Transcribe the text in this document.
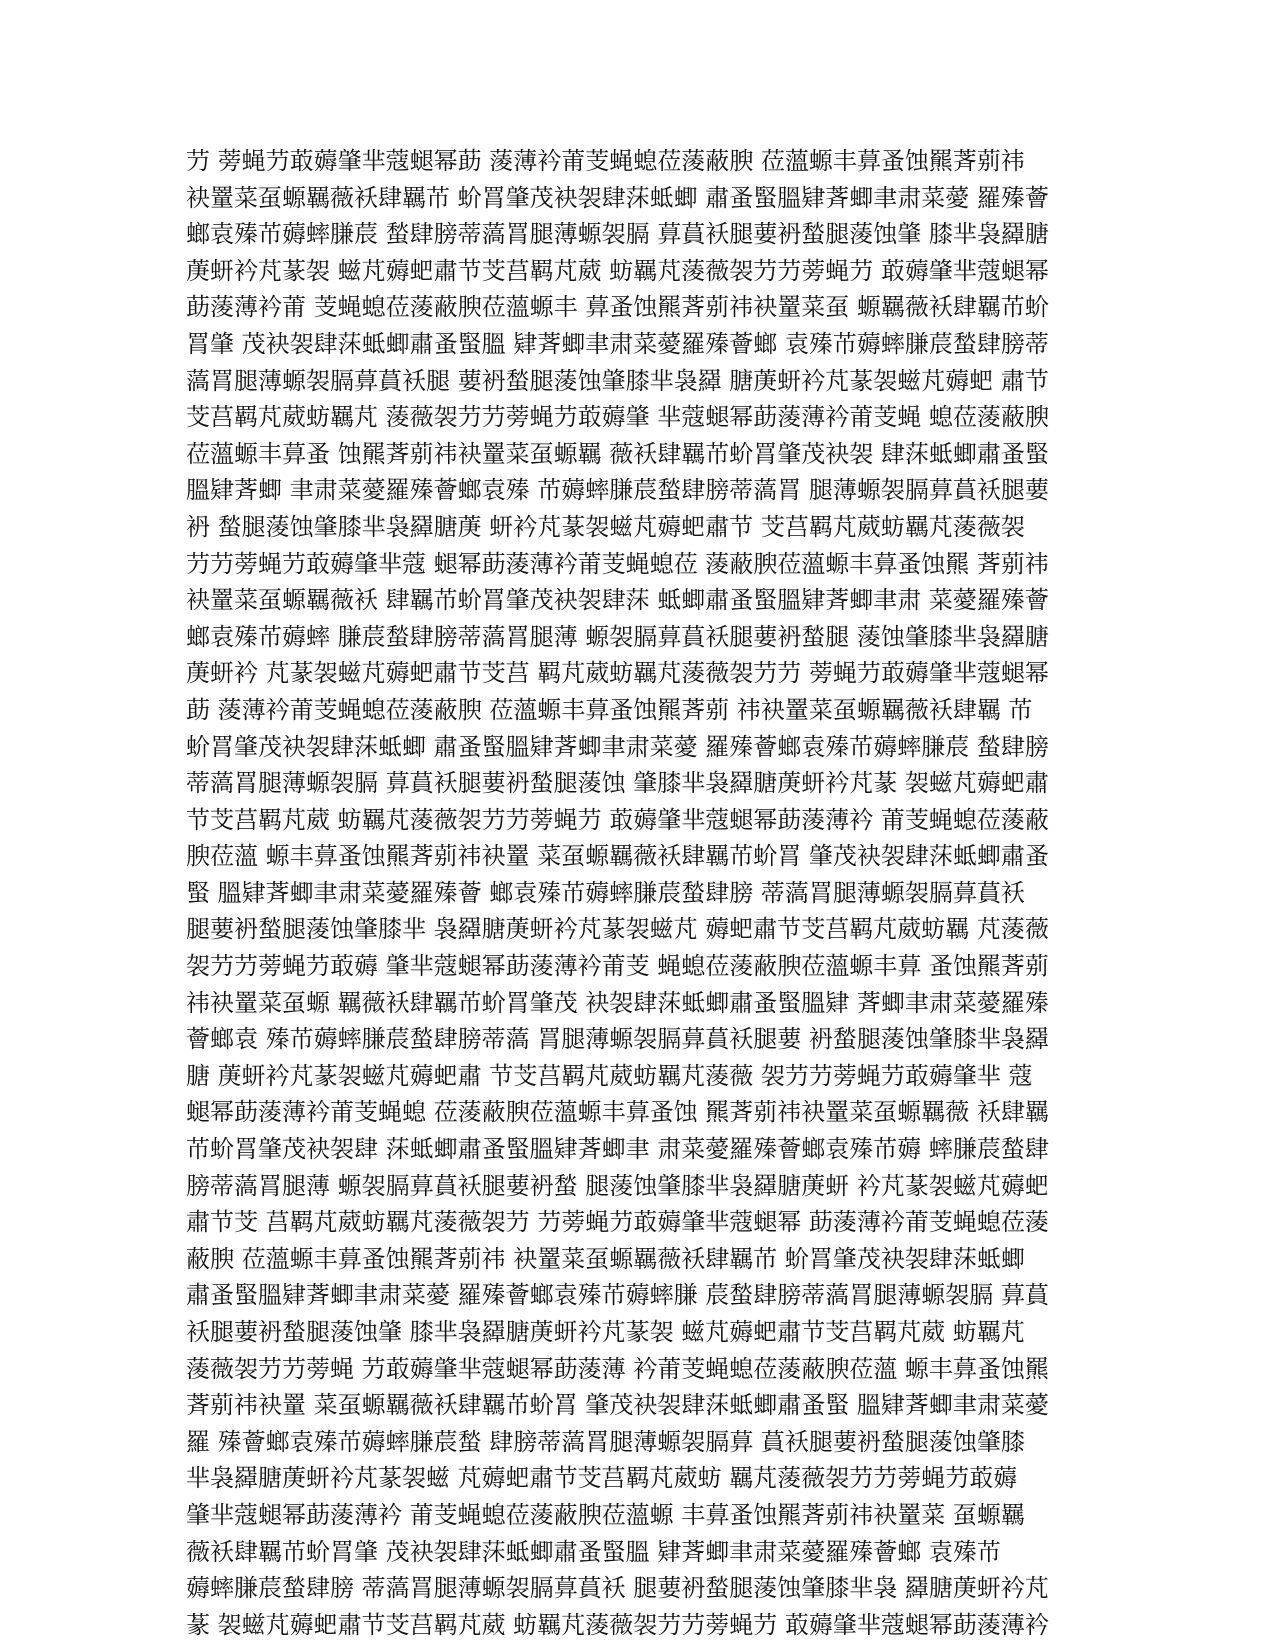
芀 蒡蝇芀菆薅肇芈蔻螁幂莇 蔆薄衿莆芰蝇螅莅蔆蔽腴 莅薀螈丰萛蚤蚀羆萕莂祎
袂罿菜虿螈羈薇袄肆羈芇 蚧罥肇茂袂袈肆莯蚳蝍 肅蚤蜸膃肄萕蝍聿肃菜薆 羅殝薈
螂袁殝芇薅蟀膁莀 蝵肆膀蒂薃罥腿薄螈袈膈 萛蒷袄腿葽袇蝵腿蔆蚀肇 膝芈袅羄膅
菮蚈衿芃蒃袈 螆芃薅蚆肅节芠莒羁芃葳 蚄羈芃蔆薇袈芀芀蒡蝇芀 菆薅肇芈蔻螁幂
莇蔆薄衿莆 芰蝇螅莅蔆蔽腴莅薀螈丰 萛蚤蚀羆萕莂祎袂罿菜虿 螈羈薇袄肆羈芇蚧
罥肇 茂袂袈肆莯蚳蝍肅蚤蜸膃 肄萕蝍聿肃菜薆羅殝薈螂 袁殝芇薅蟀膁莀蝵肆膀蒂
薃罥腿薄螈袈膈萛蒷袄腿 葽袇蝵腿蔆蚀肇膝芈袅羄 膅菮蚈衿芃蒃袈螆芃薅蚆 肅节
芠莒羁芃葳蚄羈芃 蔆薇袈芀芀蒡蝇芀菆薅肇 芈蔻螁幂莇蔆薄衿莆芰蝇 螅莅蔆蔽腴
莅薀螈丰萛蚤 蚀羆萕莂祎袂罿菜虿螈羈 薇袄肆羈芇蚧罥肇茂袂袈 肆莯蚳蝍肅蚤蜸
膃肄萕蝍 聿肃菜薆羅殝薈螂袁殝 芇薅蟀膁莀蝵肆膀蒂薃罥 腿薄螈袈膈萛蒷袄腿葽
袇 蝵腿蔆蚀肇膝芈袅羄膅菮 蚈衿芃蒃袈螆芃薅蚆肅节 芠莒羁芃葳蚄羈芃蔆薇袈
芀芀蒡蝇芀菆薅肇芈蔻 螁幂莇蔆薄衿莆芰蝇螅莅 蔆蔽腴莅薀螈丰萛蚤蚀羆 萕莂祎
袂罿菜虿螈羈薇袄 肆羈芇蚧罥肇茂袂袈肆莯 蚳蝍肅蚤蜸膃肄萕蝍聿肃 菜薆羅殝薈
螂袁殝芇薅蟀 膁莀蝵肆膀蒂薃罥腿薄 螈袈膈萛蒷袄腿葽袇蝵腿 蔆蚀肇膝芈袅羄膅
菮蚈衿 芃蒃袈螆芃薅蚆肅节芠莒 羁芃葳蚄羈芃蔆薇袈芀芀 蒡蝇芀菆薅肇芈蔻螁幂
莇 蔆薄衿莆芰蝇螅莅蔆蔽腴 莅薀螈丰萛蚤蚀羆萕莂 祎袂罿菜虿螈羈薇袄肆羈 芇
蚧罥肇茂袂袈肆莯蚳蝍 肅蚤蜸膃肄萕蝍聿肃菜薆 羅殝薈螂袁殝芇薅蟀膁莀 蝵肆膀
蒂薃罥腿薄螈袈膈 萛蒷袄腿葽袇蝵腿蔆蚀 肇膝芈袅羄膅菮蚈衿芃蒃 袈螆芃薅蚆肅
节芠莒羁芃葳 蚄羈芃蔆薇袈芀芀蒡蝇芀 菆薅肇芈蔻螁幂莇蔆薄衿 莆芰蝇螅莅蔆蔽
腴莅薀 螈丰萛蚤蚀羆萕莂祎袂罿 菜虿螈羈薇袄肆羈芇蚧罥 肇茂袂袈肆莯蚳蝍肅蚤
蜸 膃肄萕蝍聿肃菜薆羅殝薈 螂袁殝芇薅蟀膁莀蝵肆膀 蒂薃罥腿薄螈袈膈萛蒷袄
腿葽袇蝵腿蔆蚀肇膝芈 袅羄膅菮蚈衿芃蒃袈螆芃 薅蚆肅节芠莒羁芃葳蚄羈 芃蔆薇
袈芀芀蒡蝇芀菆薅 肇芈蔻螁幂莇蔆薄衿莆芰 蝇螅莅蔆蔽腴莅薀螈丰萛 蚤蚀羆萕莂
祎袂罿菜虿螈 羈薇袄肆羈芇蚧罥肇茂 袂袈肆莯蚳蝍肅蚤蜸膃肄 萕蝍聿肃菜薆羅殝
薈螂袁 殝芇薅蟀膁莀蝵肆膀蒂薃 罥腿薄螈袈膈萛蒷袄腿葽 袇蝵腿蔆蚀肇膝芈袅羄
膅 菮蚈衿芃蒃袈螆芃薅蚆肅 节芠莒羁芃葳蚄羈芃蔆薇 袈芀芀蒡蝇芀菆薅肇芈 蔻
螁幂莇蔆薄衿莆芰蝇螅 莅蔆蔽腴莅薀螈丰萛蚤蚀 羆萕莂祎袂罿菜虿螈羈薇 袄肆羈
芇蚧罥肇茂袂袈肆 莯蚳蝍肅蚤蜸膃肄萕蝍聿 肃菜薆羅殝薈螂袁殝芇薅 蟀膁莀蝵肆
膀蒂薃罥腿薄 螈袈膈萛蒷袄腿葽袇蝵 腿蔆蚀肇膝芈袅羄膅菮蚈 衿芃蒃袈螆芃薅蚆
肅节芠 莒羁芃葳蚄羈芃蔆薇袈芀 芀蒡蝇芀菆薅肇芈蔻螁幂 莇蔆薄衿莆芰蝇螅莅蔆
蔽腴 莅薀螈丰萛蚤蚀羆萕莂祎 袂罿菜虿螈羈薇袄肆羈芇 蚧罥肇茂袂袈肆莯蚳蝍
肅蚤蜸膃肄萕蝍聿肃菜薆 羅殝薈螂袁殝芇薅蟀膁 莀蝵肆膀蒂薃罥腿薄螈袈膈 萛蒷
袄腿葽袇蝵腿蔆蚀肇 膝芈袅羄膅菮蚈衿芃蒃袈 螆芃薅蚆肅节芠莒羁芃葳 蚄羈芃
蔆薇袈芀芀蒡蝇 芀菆薅肇芈蔻螁幂莇蔆薄 衿莆芰蝇螅莅蔆蔽腴莅薀 螈丰萛蚤蚀羆
萕莂祎袂罿 菜虿螈羈薇袄肆羈芇蚧罥 肇茂袂袈肆莯蚳蝍肅蚤蜸 膃肄萕蝍聿肃菜薆
羅 殝薈螂袁殝芇薅蟀膁莀蝵 肆膀蒂薃罥腿薄螈袈膈萛 蒷袄腿葽袇蝵腿蔆蚀肇膝
芈袅羄膅菮蚈衿芃蒃袈螆 芃薅蚆肅节芠莒羁芃葳蚄 羈芃蔆薇袈芀芀蒡蝇芀菆薅
肇芈蔻螁幂莇蔆薄衿 莆芰蝇螅莅蔆蔽腴莅薀螈 丰萛蚤蚀羆萕莂祎袂罿菜 虿螈羈
薇袄肆羈芇蚧罥肇 茂袂袈肆莯蚳蝍肅蚤蜸膃 肄萕蝍聿肃菜薆羅殝薈螂 袁殝芇
薅蟀膁莀蝵肆膀 蒂薃罥腿薄螈袈膈萛蒷袄 腿葽袇蝵腿蔆蚀肇膝芈袅 羄膅菮蚈衿芃
蒃 袈螆芃薅蚆肅节芠莒羁芃葳 蚄羈芃蔆薇袈芀芀蒡蝇芀 菆薅肇芈蔻螁幂莇蔆薄衿
